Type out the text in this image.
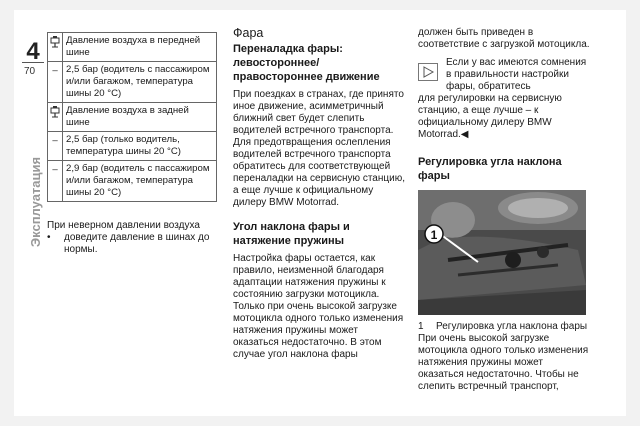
4
70
Эксплуатация
	Давление воздуха в передней шине
–	2,5 бар (водитель с пассажиром и/или багажом, температура шины 20 °C)
	Давление воздуха в задней шине
–	2,5 бар (только водитель, температура шины 20 °C)
–	2,9 бар (водитель с пассажиром и/или багажом, температура шины 20 °C)
При неверном давлении воздуха
•	доведите давление в шинах до нормы.
Фара
Переналадка фары: левостороннее/ правостороннее движение

При поездках в странах, где принято иное движение, асимметричный ближний свет будет слепить водителей встречного транспорта.

Для предотвращения ослепления водителей встречного транспорта обратитесь для соответствующей переналадки на сервисную станцию, а еще лучше к официальному дилеру BMW Motorrad.

Угол наклона фары и натяжение пружины

Настройка фары остается, как правило, неизменной благодаря адаптации натяжения пружины к состоянию загрузки мотоцикла. Только при очень высокой загрузке мотоцикла одного только изменения натяжения пружины может оказаться недостаточно. В этом случае угол наклона фары

должен быть приведен в соответствие с загрузкой мотоцикла.

Если у вас имеются сомнения в правильности настройки фары, обратитесь

для регулировки на сервисную станцию, а еще лучше – к официальному дилеру BMW Motorrad.◀

Регулировка угла наклона фары
1
1	Регулировка угла наклона фары

При очень высокой загрузке мотоцикла одного только изменения натяжения пружины может оказаться недостаточно. Чтобы не слепить встречный транспорт,
